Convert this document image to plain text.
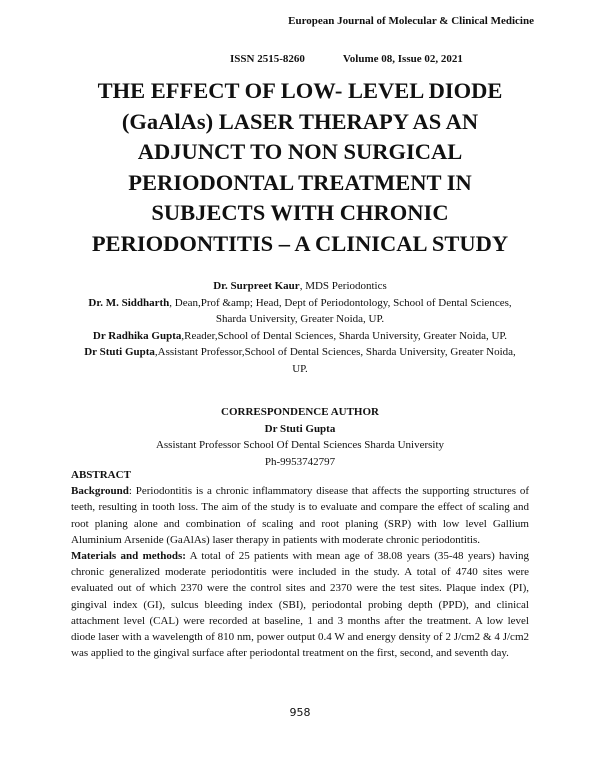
European Journal of Molecular & Clinical Medicine
ISSN 2515-8260	Volume 08, Issue 02, 2021
THE EFFECT OF LOW- LEVEL DIODE
(GaAlAs) LASER THERAPY AS AN
ADJUNCT TO NON SURGICAL
PERIODONTAL TREATMENT IN
SUBJECTS WITH CHRONIC
PERIODONTITIS – A CLINICAL STUDY

Dr. Surpreet Kaur, MDS Periodontics

Dr. M. Siddharth, Dean,Prof &amp; Head, Dept of Periodontology, School of Dental Sciences, Sharda University, Greater Noida, UP.

Dr Radhika Gupta,Reader,School of Dental Sciences, Sharda University, Greater Noida, UP.

Dr Stuti Gupta,Assistant Professor,School of Dental Sciences, Sharda University, Greater Noida, UP.

CORRESPONDENCE AUTHOR

Dr Stuti Gupta

Assistant Professor School Of Dental Sciences Sharda University

Ph-9953742797

ABSTRACT

Background: Periodontitis is a chronic inflammatory disease that affects the supporting structures of teeth, resulting in tooth loss. The aim of the study is to evaluate and compare the effect of scaling and root planing alone and combination of scaling and root planing (SRP) with low level Gallium Aluminium Arsenide (GaAlAs) laser therapy in patients with moderate chronic periodontitis.

Materials and methods: A total of 25 patients with mean age of 38.08 years (35-48 years) having chronic generalized moderate periodontitis were included in the study. A total of 4740 sites were evaluated out of which 2370 were the control sites and 2370 were the test sites. Plaque index (PI), gingival index (GI), sulcus bleeding index (SBI), periodontal probing depth (PPD), and clinical attachment level (CAL) were recorded at baseline, 1 and 3 months after the treatment. A low level diode laser with a wavelength of 810 nm, power output 0.4 W and energy density of 2 J/cm2 & 4 J/cm2 was applied to the gingival surface after periodontal treatment on the first, second, and seventh day.

958
